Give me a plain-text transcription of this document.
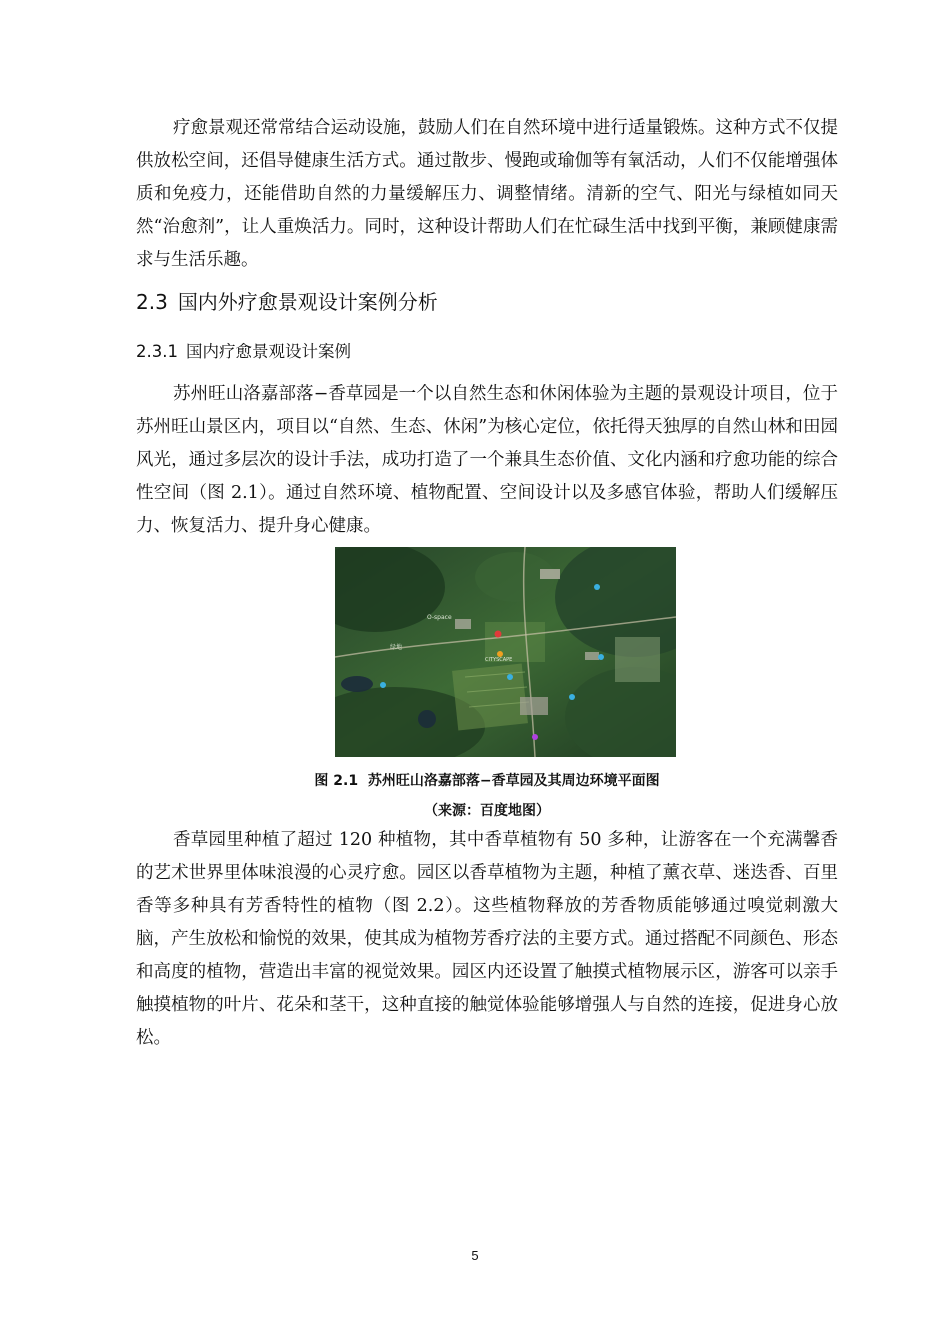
疗愈景观还常常结合运动设施，鼓励人们在自然环境中进行适量锻炼。这种方式不仅提供放松空间，还倡导健康生活方式。通过散步、慢跑或瑜伽等有氧活动，人们不仅能增强体质和免疫力，还能借助自然的力量缓解压力、调整情绪。清新的空气、阳光与绿植如同天然“治愈剂”，让人重焕活力。同时，这种设计帮助人们在忙碌生活中找到平衡，兼顾健康需求与生活乐趣。

2.3 国内外疗愈景观设计案例分析
2.3.1 国内疗愈景观设计案例

苏州旺山洛嘉部落−香草园是一个以自然生态和休闲体验为主题的景观设计项目，位于苏州旺山景区内，项目以“自然、生态、休闲”为核心定位，依托得天独厚的自然山林和田园风光，通过多层次的设计手法，成功打造了一个兼具生态价值、文化内涵和疗愈功能的综合性空间（图 2.1）。通过自然环境、植物配置、空间设计以及多感官体验，帮助人们缓解压力、恢复活力、提升身心健康。

O-space
绿地
CITYSCAPE

图 2.1 苏州旺山洛嘉部落−香草园及其周边环境平面图

（来源：百度地图）

香草园里种植了超过 120 种植物，其中香草植物有 50 多种，让游客在一个充满馨香的艺术世界里体味浪漫的心灵疗愈。园区以香草植物为主题，种植了薰衣草、迷迭香、百里香等多种具有芳香特性的植物（图 2.2）。这些植物释放的芳香物质能够通过嗅觉刺激大脑，产生放松和愉悦的效果，使其成为植物芳香疗法的主要方式。通过搭配不同颜色、形态和高度的植物，营造出丰富的视觉效果。园区内还设置了触摸式植物展示区，游客可以亲手触摸植物的叶片、花朵和茎干，这种直接的触觉体验能够增强人与自然的连接，促进身心放松。

5
